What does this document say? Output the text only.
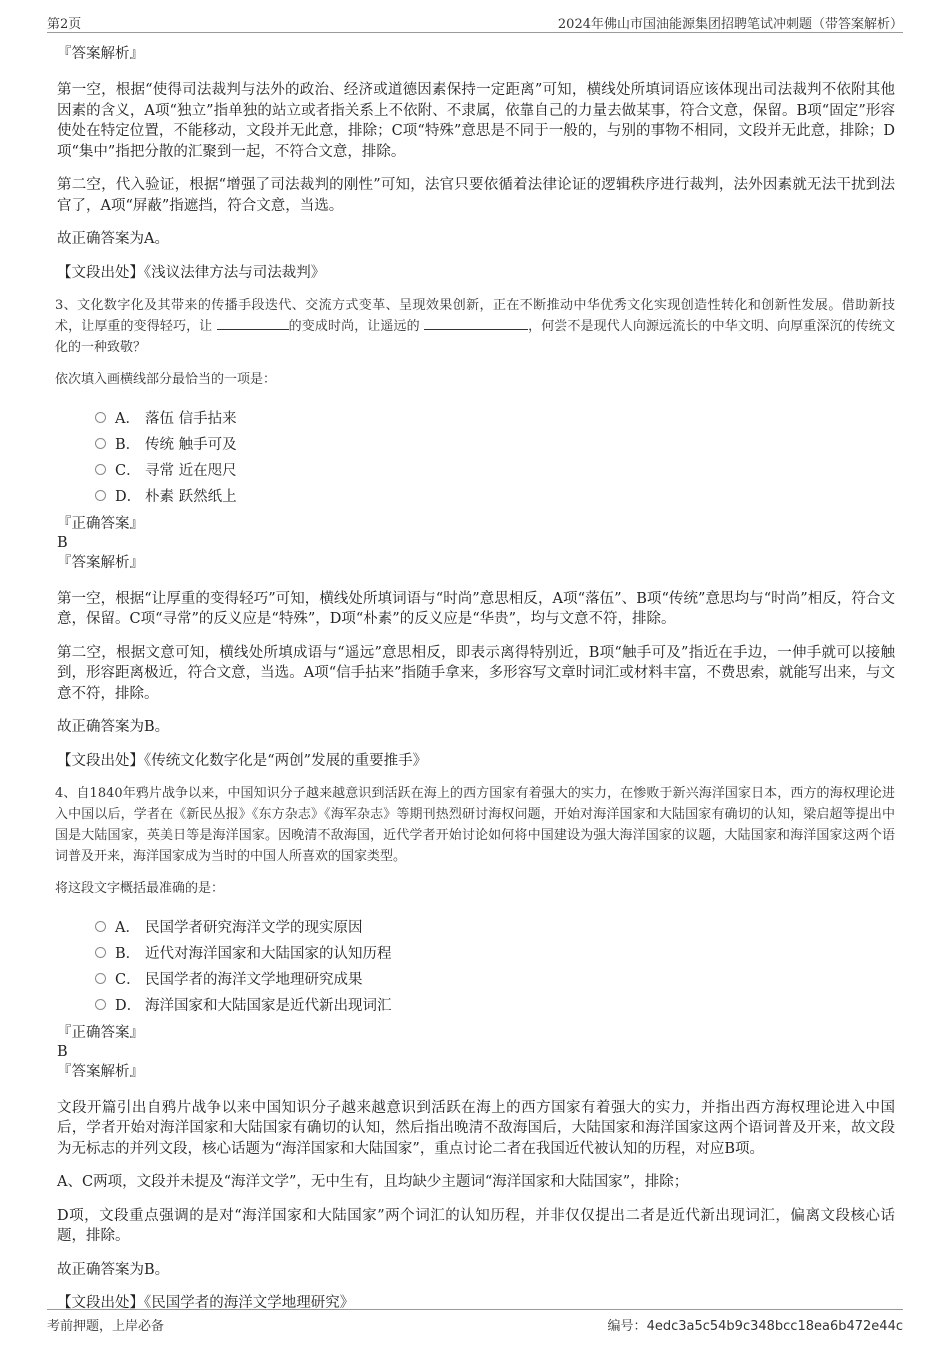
第2页	2024年佛山市国油能源集团招聘笔试冲刺题（带答案解析）
『答案解析』
第一空，根据“使得司法裁判与法外的政治、经济或道德因素保持一定距离”可知，横线处所填词语应该体现出司法裁判不依附其他因素的含义，A项“独立”指单独的站立或者指关系上不依附、不隶属，依靠自己的力量去做某事，符合文意，保留。B项“固定”形容使处在特定位置，不能移动，文段并无此意，排除；C项“特殊”意思是不同于一般的，与别的事物不相同，文段并无此意，排除；D项“集中”指把分散的汇聚到一起，不符合文意，排除。
第二空，代入验证，根据“增强了司法裁判的刚性”可知，法官只要依循着法律论证的逻辑秩序进行裁判，法外因素就无法干扰到法官了，A项“屏蔽”指遮挡，符合文意，当选。
故正确答案为A。
【文段出处】《浅议法律方法与司法裁判》
3、文化数字化及其带来的传播手段迭代、交流方式变革、呈现效果创新，正在不断推动中华优秀文化实现创造性转化和创新性发展。借助新技术，让厚重的变得轻巧，让	的变成时尚，让遥远的	，何尝不是现代人向源远流长的中华文明、向厚重深沉的传统文化的一种致敬？
依次填入画横线部分最恰当的一项是：
A． 落伍 信手拈来
B． 传统 触手可及
C． 寻常 近在咫尺
D． 朴素 跃然纸上
『正确答案』
B
『答案解析』
第一空，根据“让厚重的变得轻巧”可知，横线处所填词语与“时尚”意思相反，A项“落伍”、B项“传统”意思均与“时尚”相反，符合文意，保留。C项“寻常”的反义应是“特殊”，D项“朴素”的反义应是“华贵”，均与文意不符，排除。
第二空，根据文意可知，横线处所填成语与“遥远”意思相反，即表示离得特别近，B项“触手可及”指近在手边，一伸手就可以接触到，形容距离极近，符合文意，当选。A项“信手拈来”指随手拿来，多形容写文章时词汇或材料丰富，不费思索，就能写出来，与文意不符，排除。
故正确答案为B。
【文段出处】《传统文化数字化是“两创”发展的重要推手》
4、自1840年鸦片战争以来，中国知识分子越来越意识到活跃在海上的西方国家有着强大的实力，在惨败于新兴海洋国家日本，西方的海权理论进入中国以后，学者在《新民丛报》《东方杂志》《海军杂志》等期刊热烈研讨海权问题，开始对海洋国家和大陆国家有确切的认知，梁启超等提出中国是大陆国家，英美日等是海洋国家。因晚清不敌海国，近代学者开始讨论如何将中国建设为强大海洋国家的议题，大陆国家和海洋国家这两个语词普及开来，海洋国家成为当时的中国人所喜欢的国家类型。
将这段文字概括最准确的是：
A． 民国学者研究海洋文学的现实原因
B． 近代对海洋国家和大陆国家的认知历程
C． 民国学者的海洋文学地理研究成果
D． 海洋国家和大陆国家是近代新出现词汇
『正确答案』
B
『答案解析』
文段开篇引出自鸦片战争以来中国知识分子越来越意识到活跃在海上的西方国家有着强大的实力，并指出西方海权理论进入中国后，学者开始对海洋国家和大陆国家有确切的认知，然后指出晚清不敌海国后，大陆国家和海洋国家这两个语词普及开来，故文段为无标志的并列文段，核心话题为“海洋国家和大陆国家”，重点讨论二者在我国近代被认知的历程，对应B项。
A、C两项，文段并未提及“海洋文学”，无中生有，且均缺少主题词“海洋国家和大陆国家”，排除；
D项，文段重点强调的是对“海洋国家和大陆国家”两个词汇的认知历程，并非仅仅提出二者是近代新出现词汇，偏离文段核心话题，排除。
故正确答案为B。
【文段出处】《民国学者的海洋文学地理研究》
考前押题，上岸必备	编号：4edc3a5c54b9c348bcc18ea6b472e44c
